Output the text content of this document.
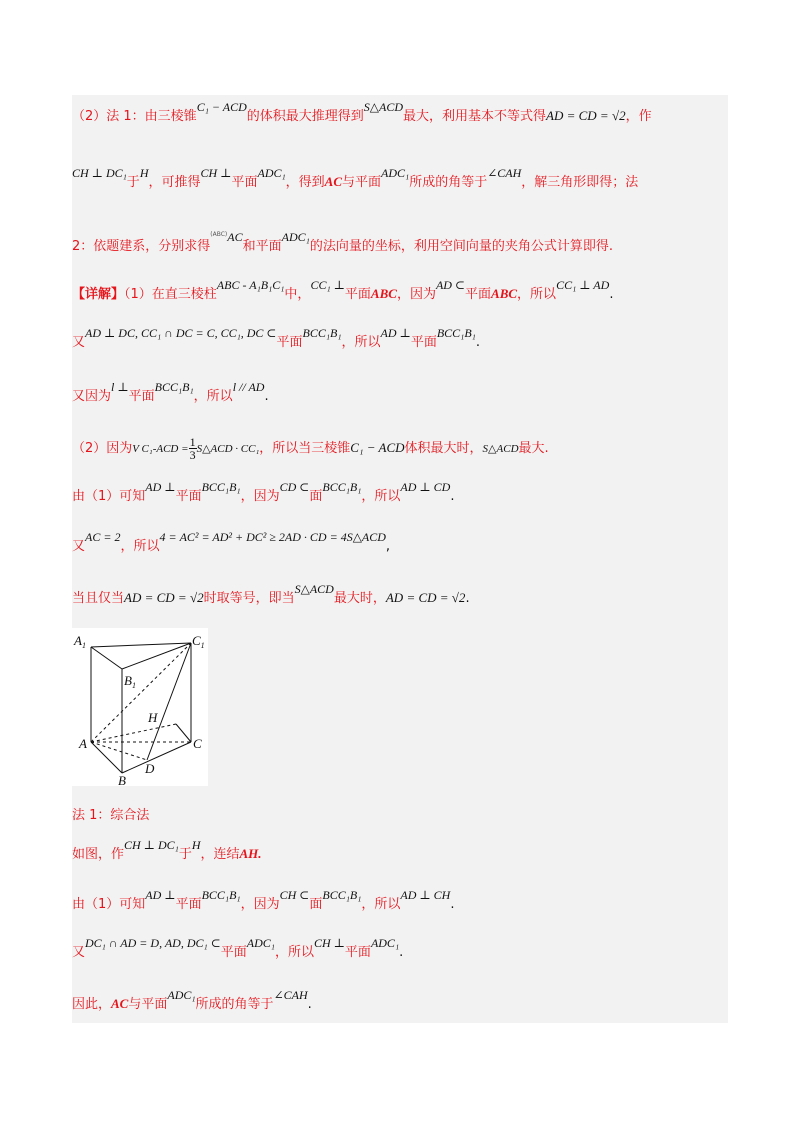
（2）法 1：由三棱锥C₁ − ACD的体积最大推理得到S△ACD最大，利用基本不等式得AD = CD = √2，作
CH ⊥ DC₁于H，可推得CH ⊥平面ADC₁，得到AC与平面ADC₁所成的角等于∠CAH，解三角形即得；法
2：依题建系，分别求得$^{(ABC)}$AC和平面ADC₁的法向量的坐标，利用空间向量的夹角公式计算即得.
【详解】（1）在直三棱柱ABC - A₁B₁C₁中，CC₁ ⊥平面ABC，因为AD ⊂平面ABC，所以CC₁ ⊥ AD.
又AD ⊥ DC, CC₁ ∩ DC = C, CC₁, DC ⊂平面BCC₁B₁，所以AD ⊥平面BCC₁B₁.
又因为l ⊥平面BCC₁B₁，所以l // AD.
（2）因为V $C_1-ACD = \frac{1}{3}$ S△ACD · CC₁，所以当三棱锥C₁ − ACD体积最大时，S△ACD最大.
由（1）可知AD ⊥平面BCC₁B₁，因为CD ⊂面BCC₁B₁，所以AD ⊥ CD.
又AC = 2，所以4 = AC² = AD² + DC² ≥ 2AD · CD = 4S△ACD,
当且仅当AD = CD = √2时取等号，即当S△ACD最大时，AD = CD = √2.
$A_1$	$C_1$
$B_1$
H
A	C
D
B
法 1：综合法
如图，作CH ⊥ DC₁于H，连结AH.
由（1）可知AD ⊥平面BCC₁B₁，因为CH ⊂面BCC₁B₁，所以AD ⊥ CH.
又DC₁ ∩ AD = D, AD, DC₁ ⊂平面ADC₁，所以CH ⊥平面ADC₁.
因此，AC与平面ADC₁所成的角等于∠CAH.
